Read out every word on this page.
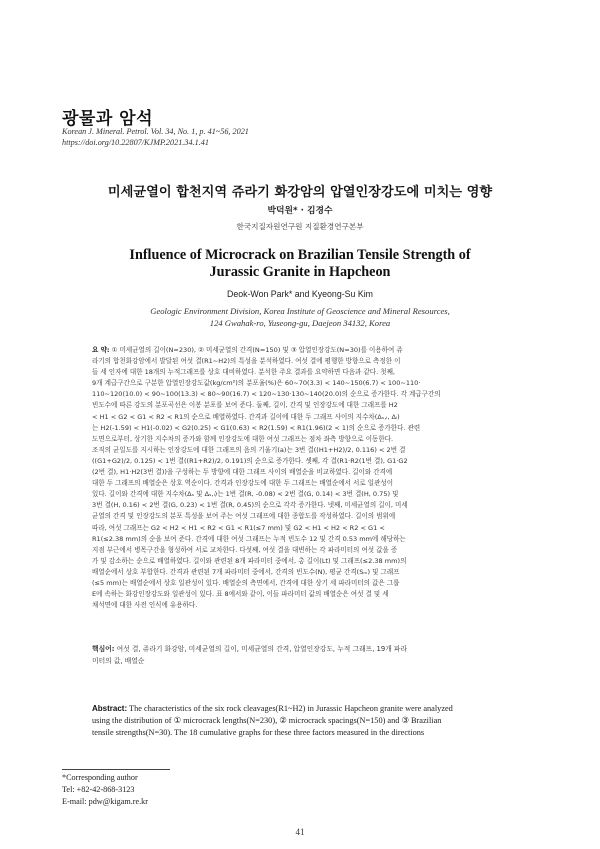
광물과 암석
Korean J. Mineral. Petrol. Vol. 34, No. 1, p. 41~56, 2021
https://doi.org/10.22807/KJMP.2021.34.1.41
미세균열이 합천지역 쥬라기 화강암의 압열인장강도에 미치는 영향
박덕원* · 김경수
한국지질자원연구원 지질환경연구본부
Influence of Microcrack on Brazilian Tensile Strength of
Jurassic Granite in Hapcheon
Deok-Won Park* and Kyeong-Su Kim
Geologic Environment Division, Korea Institute of Geoscience and Mineral Resources,
124 Gwahak-ro, Yuseong-gu, Daejeon 34132, Korea
요 약: ① 미세균열의 길이(N=230), ② 미세균열의 간격(N=150) 및 ③ 압열인장강도(N=30)를 이용하여 쥬
라기의 합천화강암에서 발달된 여섯 결(R1~H2)의 특성을 분석하였다. 여섯 결에 평행한 방향으로 측정한 이
들 세 인자에 대한 18개의 누적그래프를 상호 대비하였다. 분석한 주요 결과를 요약하면 다음과 같다. 첫째,
9개 계급구간으로 구분한 압열인장강도값(kg/cm²)의 분포율(%)은 60~70(3.3) < 140~150(6.7) < 100~110·
110~120(10.0) < 90~100(13.3) < 80~90(16.7) < 120~130·130~140(20.0)의 순으로 증가한다. 각 계급구간의
빈도수에 따른 강도의 분포곡선은 이봉 분포를 보여 준다. 둘째, 길이, 간격 및 인장강도에 대한 그래프를 H2
< H1 < G2 < G1 < R2 < R1의 순으로 배열하였다. 간격과 길이에 대한 두 그래프 사이의 지수차(Δₛ,ₗ, Δₗ)
는 H2(-1.59) < H1(-0.02) < G2(0.25) < G1(0.63) < R2(1.59) < R1(1.96)(2 < 1)의 순으로 증가한다. 관련
도면으로부터, 상기한 지수차의 증가와 함께 인장강도에 대한 여섯 그래프는 점차 좌측 방향으로 이동한다.
조직의 균일도를 지시하는 인장강도에 대한 그래프의 음의 기울기(a)는 3번 결((H1+H2)/2, 0.116) < 2번 결
((G1+G2)/2, 0.125) < 1번 결((R1+R2)/2, 0.191)의 순으로 증가한다. 셋째, 각 결(R1·R2(1번 결), G1·G2
(2번 결), H1·H2(3번 결))을 구성하는 두 방향에 대한 그래프 사이의 배열순을 비교하였다. 길이와 간격에
대한 두 그래프의 배열순은 상호 역순이다. 간격과 인장강도에 대한 두 그래프는 배열순에서 서로 일관성이
있다. 길이와 간격에 대한 지수차(Δₛ 및 Δₛ,ₗ)는 1번 결(R, -0.08) < 2번 결(G, 0.14) < 3번 결(H, 0.75) 및
3번 결(H, 0.16) < 2번 결(G, 0.23) < 1번 결(R, 0.45)의 순으로 각각 증가한다. 넷째, 미세균열의 길이, 미세
균열의 간격 및 인장강도의 분포 특성을 보여 주는 여섯 그래프에 대한 종합도를 작성하였다. 길이의 범위에
따라, 여섯 그래프는 G2 < H2 < H1 < R2 < G1 < R1(≤7 mm) 및 G2 < H1 < H2 < R2 < G1 <
R1(≤2.38 mm)의 순을 보여 준다. 간격에 대한 여섯 그래프는 누적 빈도수 12 및 간격 0.53 mm에 해당하는
지점 부근에서 병목구간을 형성하여 서로 교차한다. 다섯째, 여섯 결을 대변하는 각 파라미터의 여섯 값을 증
가 및 감소하는 순으로 배열하였다. 길이와 관련된 8개 파라미터 중에서, 총 길이(Lt) 및 그래프(≤2.38 mm)의
배열순에서 상호 부합한다. 간격과 관련된 7개 파라미터 중에서, 간격의 빈도수(N), 평균 간격(Sₘ) 및 그래프
(≤5 mm)는 배열순에서 상호 일관성이 있다. 배열순의 측면에서, 간격에 대한 상기 세 파라미터의 값은 그룹
E에 속하는 화강인장강도와 일관성이 있다. 표 8에서와 같이, 이들 파라미터 값의 배열순은 여섯 결 및 세
채석면에 대한 사전 인식에 유용하다.
핵심어: 여섯 결, 쥬라기 화강암, 미세균열의 길이, 미세균열의 간격, 압열인장강도, 누적 그래프, 19개 파라
미터의 값, 배열순
Abstract: The characteristics of the six rock cleavages(R1~H2) in Jurassic Hapcheon granite were analyzed
using the distribution of ① microcrack lengths(N=230), ② microcrack spacings(N=150) and ③ Brazilian
tensile strengths(N=30). The 18 cumulative graphs for these three factors measured in the directions
*Corresponding author
Tel: +82-42-868-3123
E-mail: pdw@kigam.re.kr
41
